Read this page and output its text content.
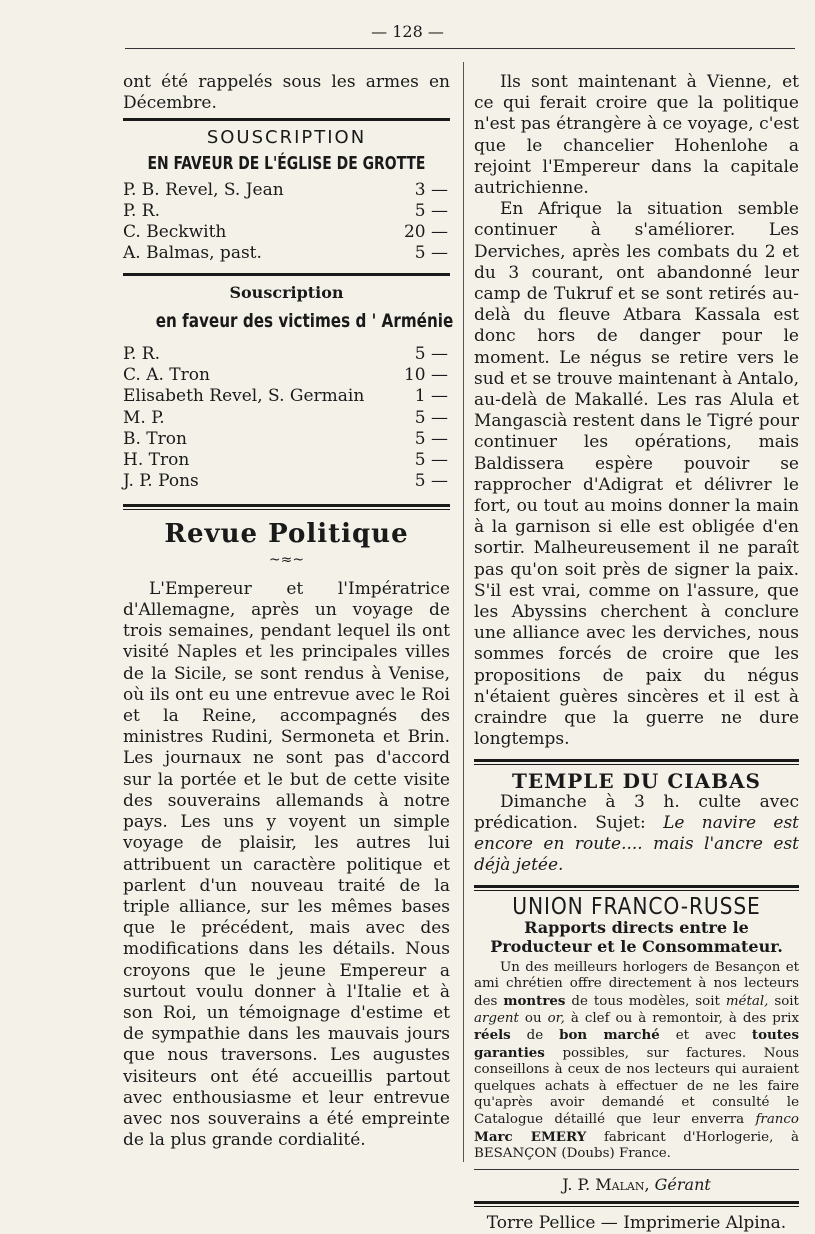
— 128 —

ont été rappelés sous les armes en Décembre.

SOUSCRIPTION
EN FAVEUR DE L'ÉGLISE DE GROTTE
P. B. Revel, S. Jean	3 —
P. R.	5 —
C. Beckwith	20 —
A. Balmas, past.	5 —
Souscription
en faveur des victimes d ' Arménie
P. R.	5 —
C. A. Tron	10 —
Elisabeth Revel, S. Germain	1 —
M. P.	5 —
B. Tron	5 —
H. Tron	5 —
J. P. Pons	5 —
Revue Politique
~≈~

L'Empereur et l'Impératrice d'Allemagne, après un voyage de trois semaines, pendant lequel ils ont visité Naples et les principales villes de la Sicile, se sont rendus à Venise, où ils ont eu une entrevue avec le Roi et la Reine, accompagnés des ministres Rudini, Sermoneta et Brin. Les journaux ne sont pas d'accord sur la portée et le but de cette visite des souverains allemands à notre pays. Les uns y voyent un simple voyage de plaisir, les autres lui attribuent un caractère politique et parlent d'un nouveau traité de la triple alliance, sur les mêmes bases que le précédent, mais avec des modifications dans les détails. Nous croyons que le jeune Empereur a surtout voulu donner à l'Italie et à son Roi, un témoignage d'estime et de sympathie dans les mauvais jours que nous traversons. Les augustes visiteurs ont été accueillis partout avec enthousiasme et leur entrevue avec nos souverains a été empreinte de la plus grande cordialité.

Ils sont maintenant à Vienne, et ce qui ferait croire que la politique n'est pas étrangère à ce voyage, c'est que le chancelier Hohenlohe a rejoint l'Empereur dans la capitale autrichienne.

En Afrique la situation semble continuer à s'améliorer. Les Derviches, après les combats du 2 et du 3 courant, ont abandonné leur camp de Tukruf et se sont retirés au-delà du fleuve Atbara Kassala est donc hors de danger pour le moment. Le négus se retire vers le sud et se trouve maintenant à Antalo, au-delà de Makallé. Les ras Alula et Mangascià restent dans le Tigré pour continuer les opérations, mais Baldissera espère pouvoir se rapprocher d'Adigrat et délivrer le fort, ou tout au moins donner la main à la garnison si elle est obligée d'en sortir. Malheureusement il ne paraît pas qu'on soit près de signer la paix. S'il est vrai, comme on l'assure, que les Abyssins cherchent à conclure une alliance avec les derviches, nous sommes forcés de croire que les propositions de paix du négus n'étaient guères sincères et il est à craindre que la guerre ne dure longtemps.

TEMPLE DU CIABAS

Dimanche à 3 h. culte avec prédication. Sujet: Le navire est encore en route.... mais l'ancre est déjà jetée.

UNION FRANCO-RUSSE
Rapports directs entre le Producteur et le Consommateur.

Un des meilleurs horlogers de Besançon et ami chrétien offre directement à nos lecteurs des montres de tous modèles, soit métal, soit argent ou or, à clef ou à remontoir, à des prix réels de bon marché et avec toutes garanties possibles, sur factures. Nous conseillons à ceux de nos lecteurs qui auraient quelques achats à effectuer de ne les faire qu'après avoir demandé et consulté le Catalogue détaillé que leur enverra franco Marc EMERY fabricant d'Horlogerie, à BESANÇON (Doubs) France.

J. P. Malan, Gérant
Torre Pellice — Imprimerie Alpina.
